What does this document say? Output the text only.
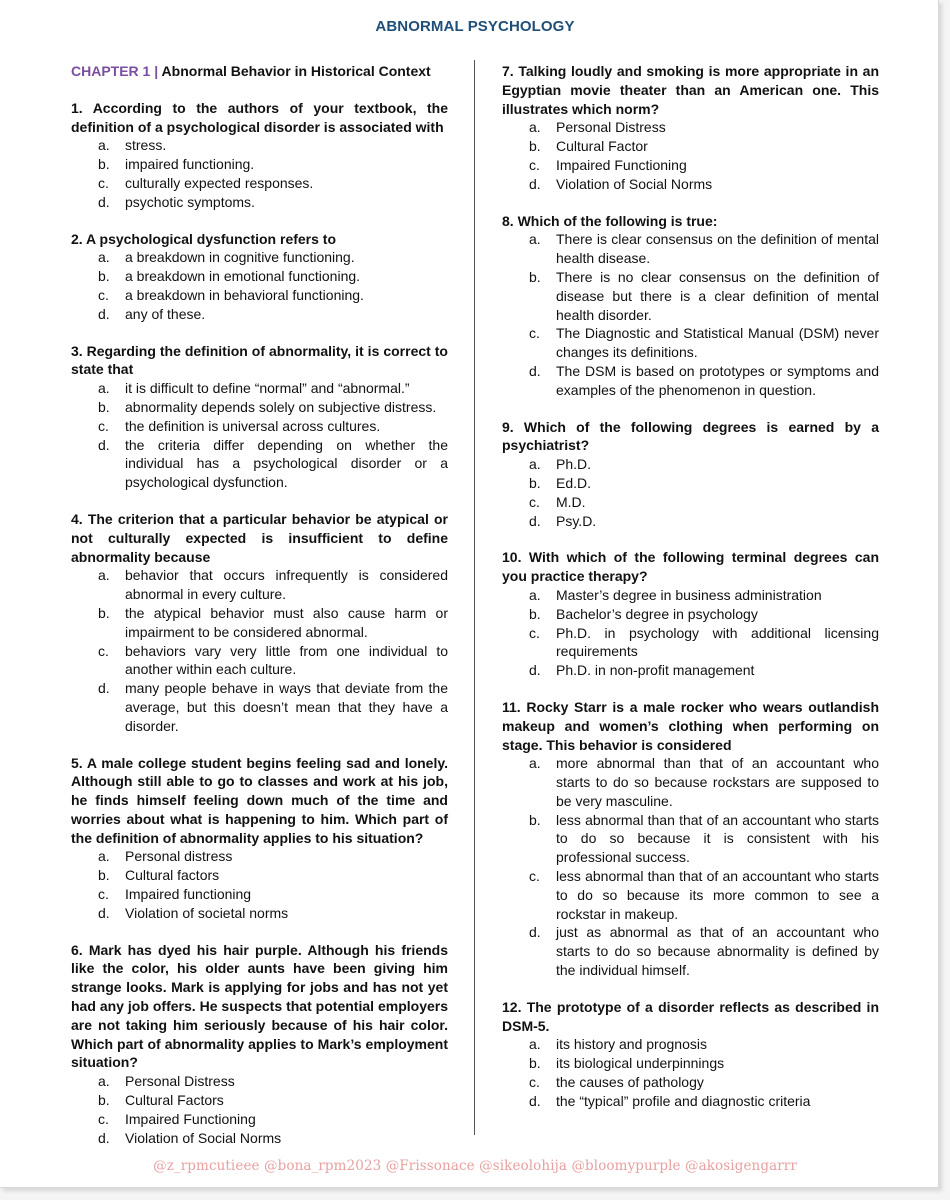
ABNORMAL PSYCHOLOGY
CHAPTER 1 | Abnormal Behavior in Historical Context
1. According to the authors of your textbook, the definition of a psychological disorder is associated with
a.	stress.
b.	impaired functioning.
c.	culturally expected responses.
d.	psychotic symptoms.
2. A psychological dysfunction refers to
a.	a breakdown in cognitive functioning.
b.	a breakdown in emotional functioning.
c.	a breakdown in behavioral functioning.
d.	any of these.
3. Regarding the definition of abnormality, it is correct to state that
a.	it is difficult to define “normal” and “abnormal.”
b.	abnormality depends solely on subjective distress.
c.	the definition is universal across cultures.
d.	the criteria differ depending on whether the individual has a psychological disorder or a psychological dysfunction.
4. The criterion that a particular behavior be atypical or not culturally expected is insufficient to define abnormality because
a.	behavior that occurs infrequently is considered abnormal in every culture.
b.	the atypical behavior must also cause harm or impairment to be considered abnormal.
c.	behaviors vary very little from one individual to another within each culture.
d.	many people behave in ways that deviate from the average, but this doesn’t mean that they have a disorder.
5. A male college student begins feeling sad and lonely. Although still able to go to classes and work at his job, he finds himself feeling down much of the time and worries about what is happening to him. Which part of the definition of abnormality applies to his situation?
a.	Personal distress
b.	Cultural factors
c.	Impaired functioning
d.	Violation of societal norms
6. Mark has dyed his hair purple. Although his friends like the color, his older aunts have been giving him strange looks. Mark is applying for jobs and has not yet had any job offers. He suspects that potential employers are not taking him seriously because of his hair color. Which part of abnormality applies to Mark’s employment situation?
a.	Personal Distress
b.	Cultural Factors
c.	Impaired Functioning
d.	Violation of Social Norms
7. Talking loudly and smoking is more appropriate in an Egyptian movie theater than an American one. This illustrates which norm?
a.	Personal Distress
b.	Cultural Factor
c.	Impaired Functioning
d.	Violation of Social Norms
8. Which of the following is true:
a.	There is clear consensus on the definition of mental health disease.
b.	There is no clear consensus on the definition of disease but there is a clear definition of mental health disorder.
c.	The Diagnostic and Statistical Manual (DSM) never changes its definitions.
d.	The DSM is based on prototypes or symptoms and examples of the phenomenon in question.
9. Which of the following degrees is earned by a psychiatrist?
a.	Ph.D.
b.	Ed.D.
c.	M.D.
d.	Psy.D.
10. With which of the following terminal degrees can you practice therapy?
a.	Master’s degree in business administration
b.	Bachelor’s degree in psychology
c.	Ph.D. in psychology with additional licensing requirements
d.	Ph.D. in non-profit management
11. Rocky Starr is a male rocker who wears outlandish makeup and women’s clothing when performing on stage. This behavior is considered
a.	more abnormal than that of an accountant who starts to do so because rockstars are supposed to be very masculine.
b.	less abnormal than that of an accountant who starts to do so because it is consistent with his professional success.
c.	less abnormal than that of an accountant who starts to do so because its more common to see a rockstar in makeup.
d.	just as abnormal as that of an accountant who starts to do so because abnormality is defined by the individual himself.
12. The prototype of a disorder reflects as described in DSM-5.
a.	its history and prognosis
b.	its biological underpinnings
c.	the causes of pathology
d.	the “typical” profile and diagnostic criteria
@z_rpmcutieee @bona_rpm2023 @Frissonace @sikeolohija @bloomypurple @akosigengarrr
